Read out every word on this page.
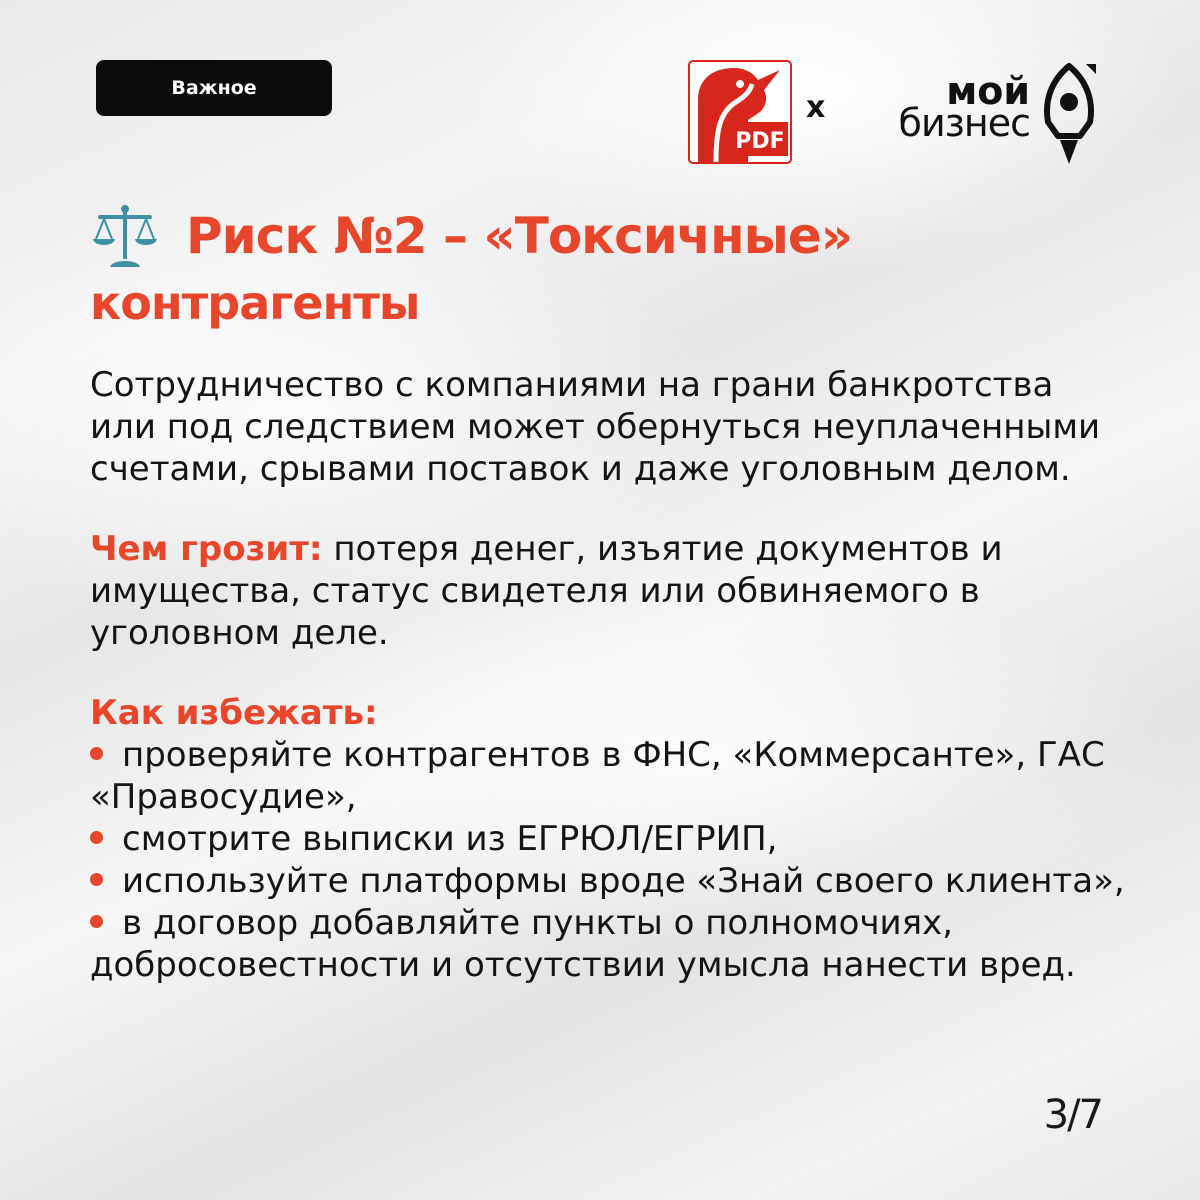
Важное
PDF
x	мой
бизнес
Риск №2 – «Токсичные»
контрагенты

Сотрудничество с компаниями на грани банкротства или под следствием может обернуться неуплаченными счетами, срывами поставок и даже уголовным делом.

Чем грозит: потеря денег, изъятие документов и имущества, статус свидетеля или обвиняемого в уголовном деле.

Как избежать:
проверяйте контрагентов в ФНС, «Коммерсанте», ГАС «Правосудие»,
смотрите выписки из ЕГРЮЛ/ЕГРИП,
используйте платформы вроде «Знай своего клиента»,
в договор добавляйте пункты о полномочиях, добросовестности и отсутствии умысла нанести вред.
3/7
